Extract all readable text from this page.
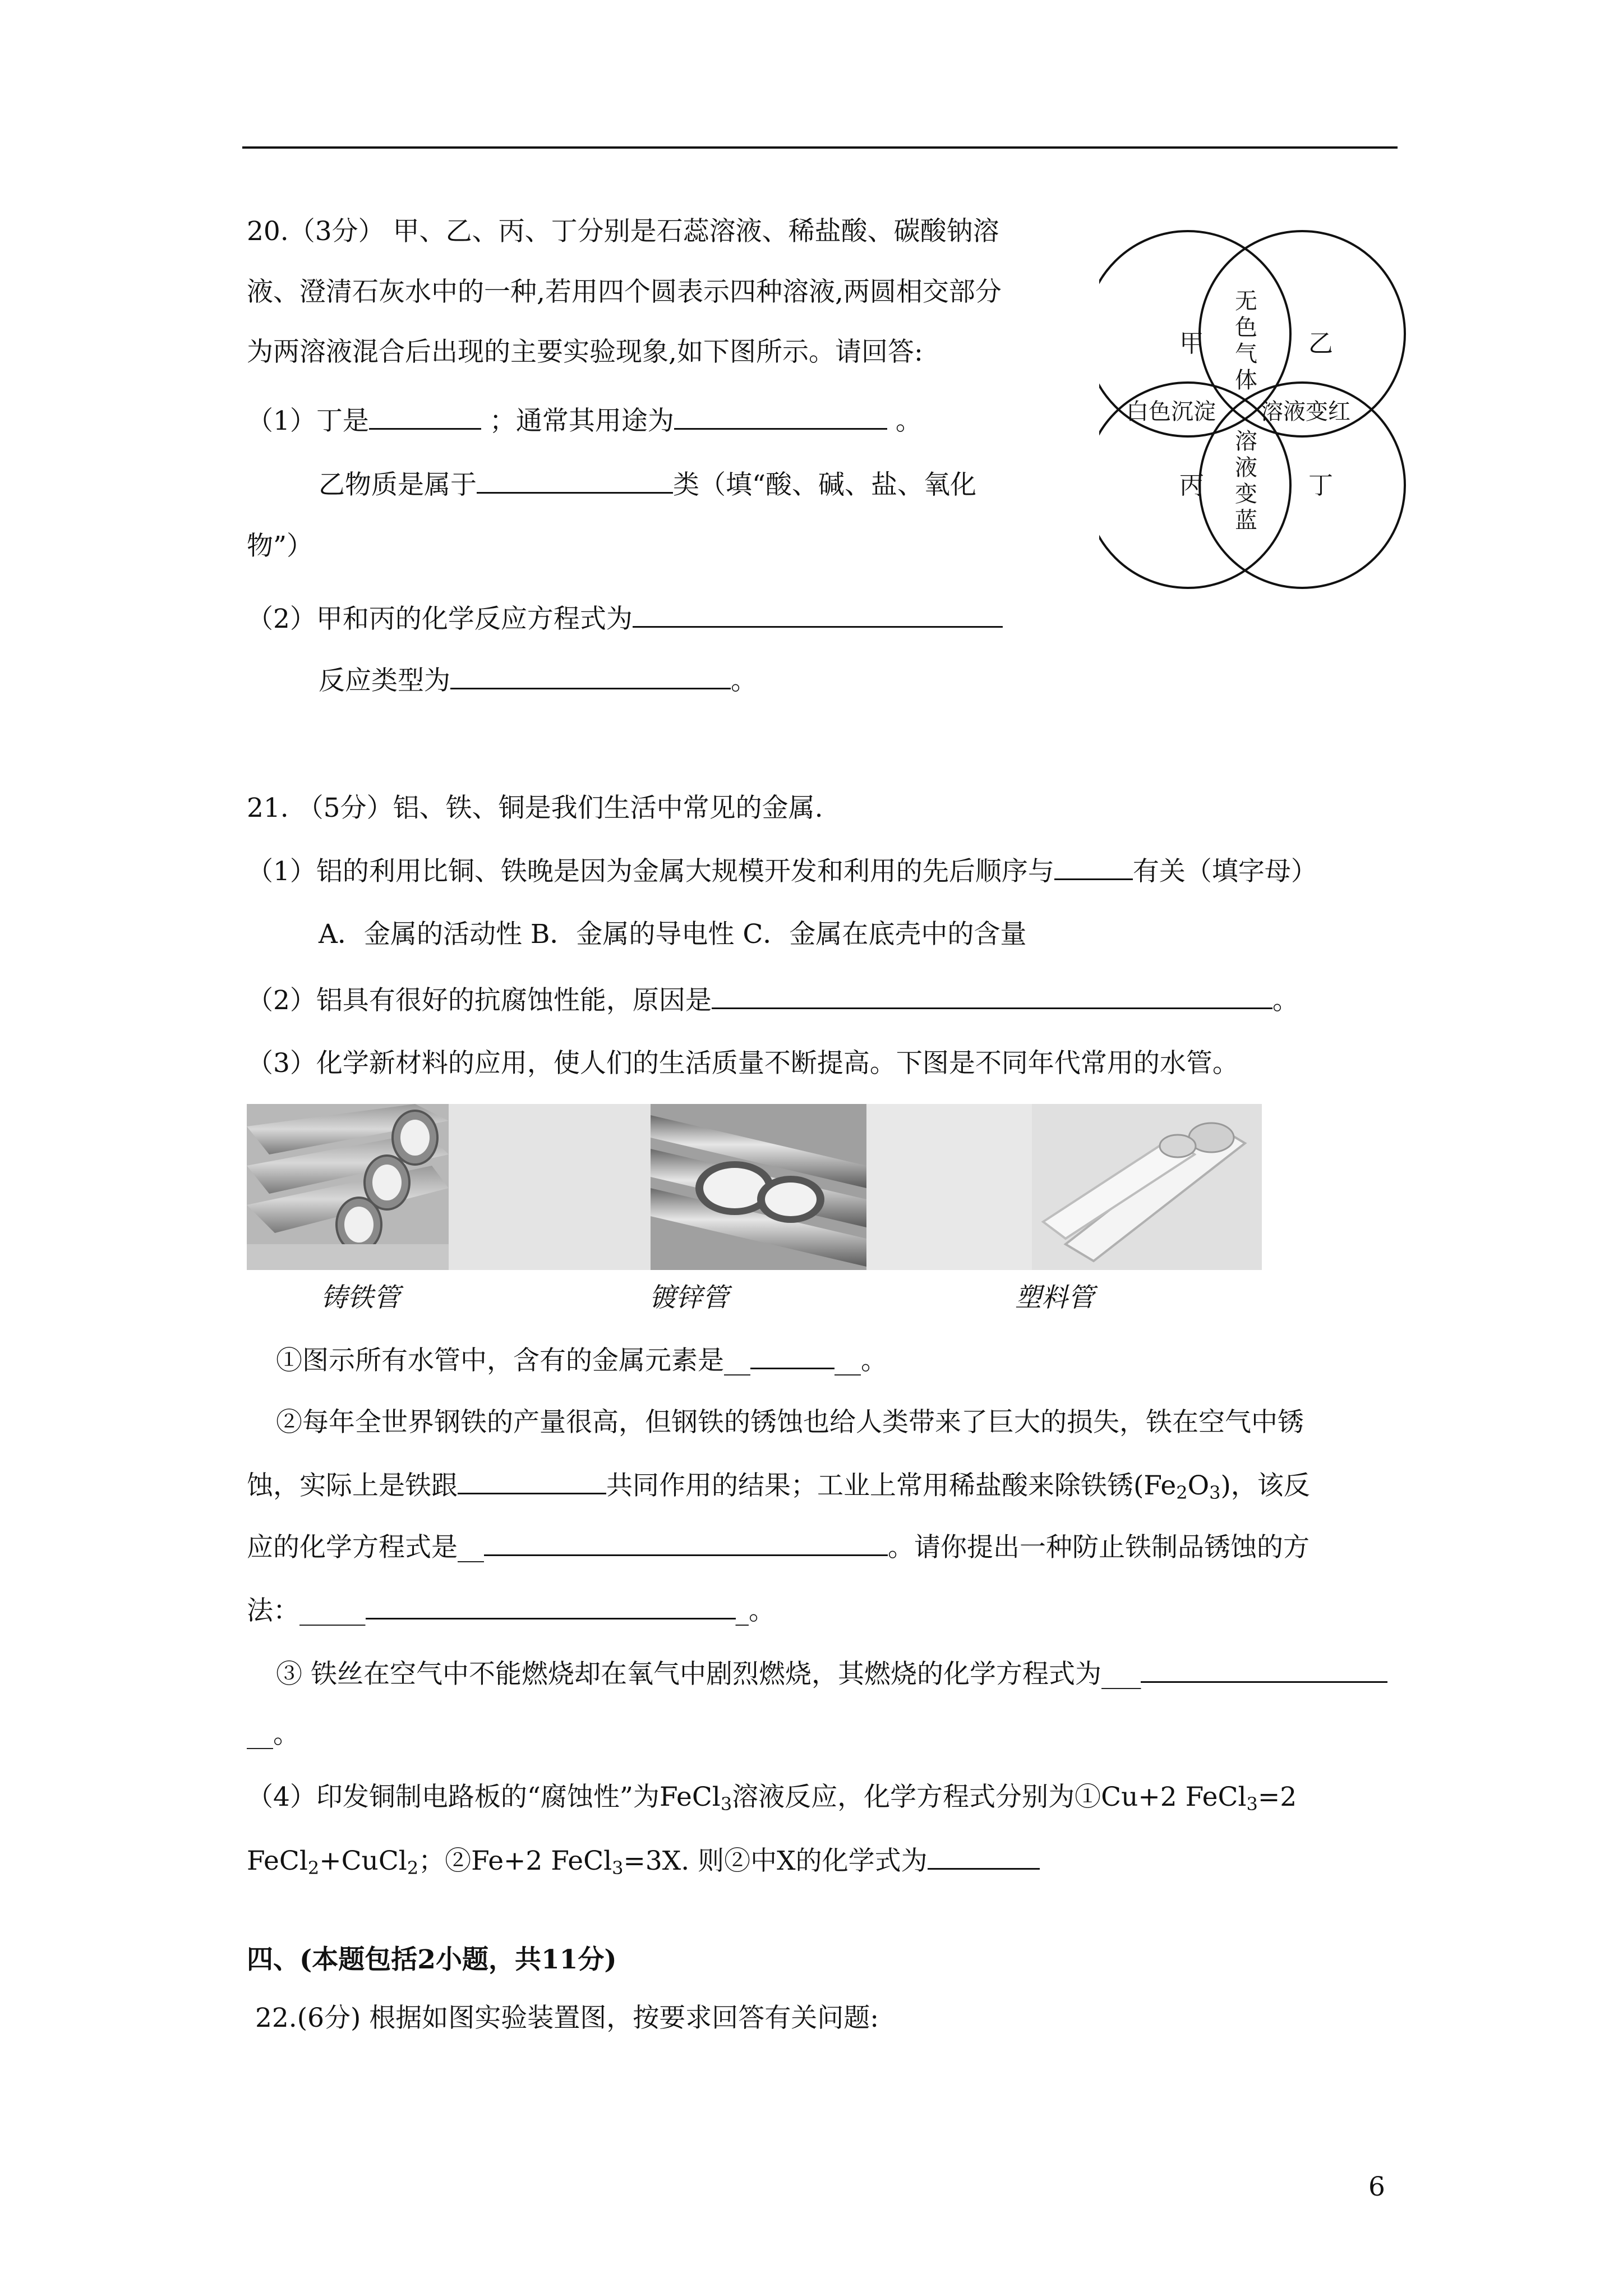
20.（3分） 甲、乙、丙、丁分别是石蕊溶液、稀盐酸、碳酸钠溶
液、澄清石灰水中的一种,若用四个圆表示四种溶液,两圆相交部分
为两溶液混合后出现的主要实验现象,如下图所示。请回答:
（1）丁是	；通常其用途为	。
乙物质是属于	类（填“酸、碱、盐、氧化
物”）
（2）甲和丙的化学反应方程式为
反应类型为	。
甲	乙
丙	丁
无
色
气
体
白色沉淀 溶液变红
溶
液
变
蓝
21. （5分）铝、铁、铜是我们生活中常见的金属.
（1）铝的利用比铜、铁晚是因为金属大规模开发和利用的先后顺序与	有关（填字母）
A．金属的活动性 B．金属的导电性 C．金属在底壳中的含量
（2）铝具有很好的抗腐蚀性能，原因是	。
（3）化学新材料的应用，使人们的生活质量不断提高。下图是不同年代常用的水管。
铸铁管	镀锌管	塑料管
①图示所有水管中，含有的金属元素是__	__。
②每年全世界钢铁的产量很高，但钢铁的锈蚀也给人类带来了巨大的损失，铁在空气中锈
蚀，实际上是铁跟	共同作用的结果；工业上常用稀盐酸来除铁锈$(Fe_2O_3)$，该反
应的化学方程式是__	。请你提出一种防止铁制品锈蚀的方
法：_____	_。
③ 铁丝在空气中不能燃烧却在氧气中剧烈燃烧，其燃烧的化学方程式为___
__。
（4）印发铜制电路板的“腐蚀性”为FeCl$_3$溶液反应，化学方程式分别为①Cu+2 FeCl$_3$=2
FeCl$_2$+CuCl$_2$；②Fe+2 FeCl$_3$=3X. 则②中X的化学式为
四、(本题包括2小题，共11分)
22.(6分) 根据如图实验装置图，按要求回答有关问题:
6
